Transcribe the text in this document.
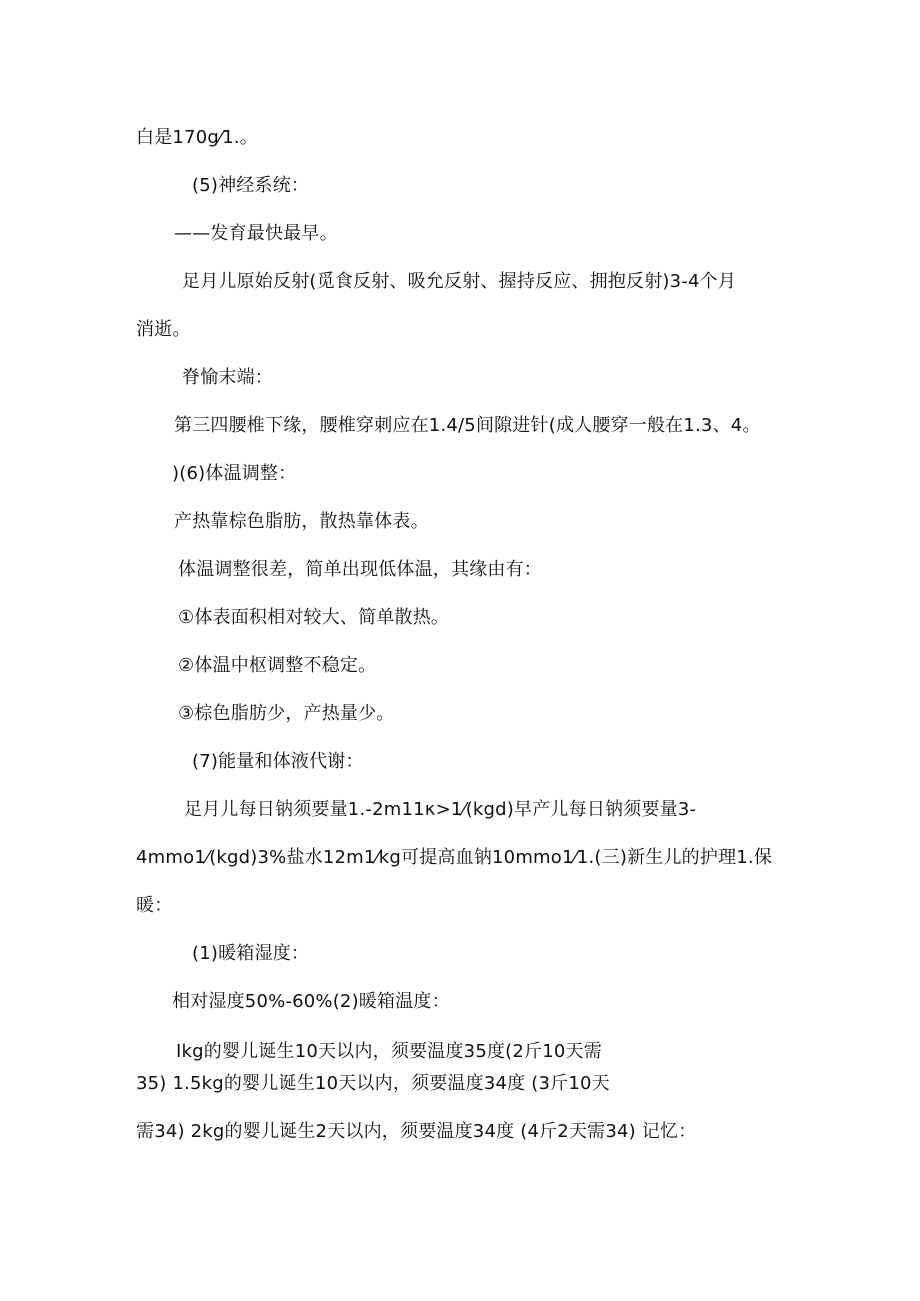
白是170g⁄1.。

(5)神经系统：

——发育最快最早。

足月儿原始反射(觅食反射、吸允反射、握持反应、拥抱反射)3-4个月

消逝。

脊愉末端：

第三四腰椎下缘，腰椎穿刺应在1.4/5间隙进针(成人腰穿一般在1.3、4。

)(6)体温调整：

产热靠棕色脂肪，散热靠体表。

体温调整很差，简单出现低体温，其缘由有：

①体表面积相对较大、简单散热。

②体温中枢调整不稳定。

③棕色脂肪少，产热量少。

(7)能量和体液代谢：

足月儿每日钠须要量1.-2m11κ>1⁄(kgd)早产儿每日钠须要量3-

4mmo1⁄(kgd)3%盐水12m1⁄kg可提高血钠10mmo1⁄1.(三)新生儿的护理1.保

暖：

(1)暖箱湿度：

相对湿度50%-60%(2)暖箱温度：

Ikg的婴儿诞生10天以内，须要温度35度(2斤10天需

35) 1.5kg的婴儿诞生10天以内，须要温度34度 (3斤10天

需34) 2kg的婴儿诞生2天以内，须要温度34度 (4斤2天需34) 记忆：
